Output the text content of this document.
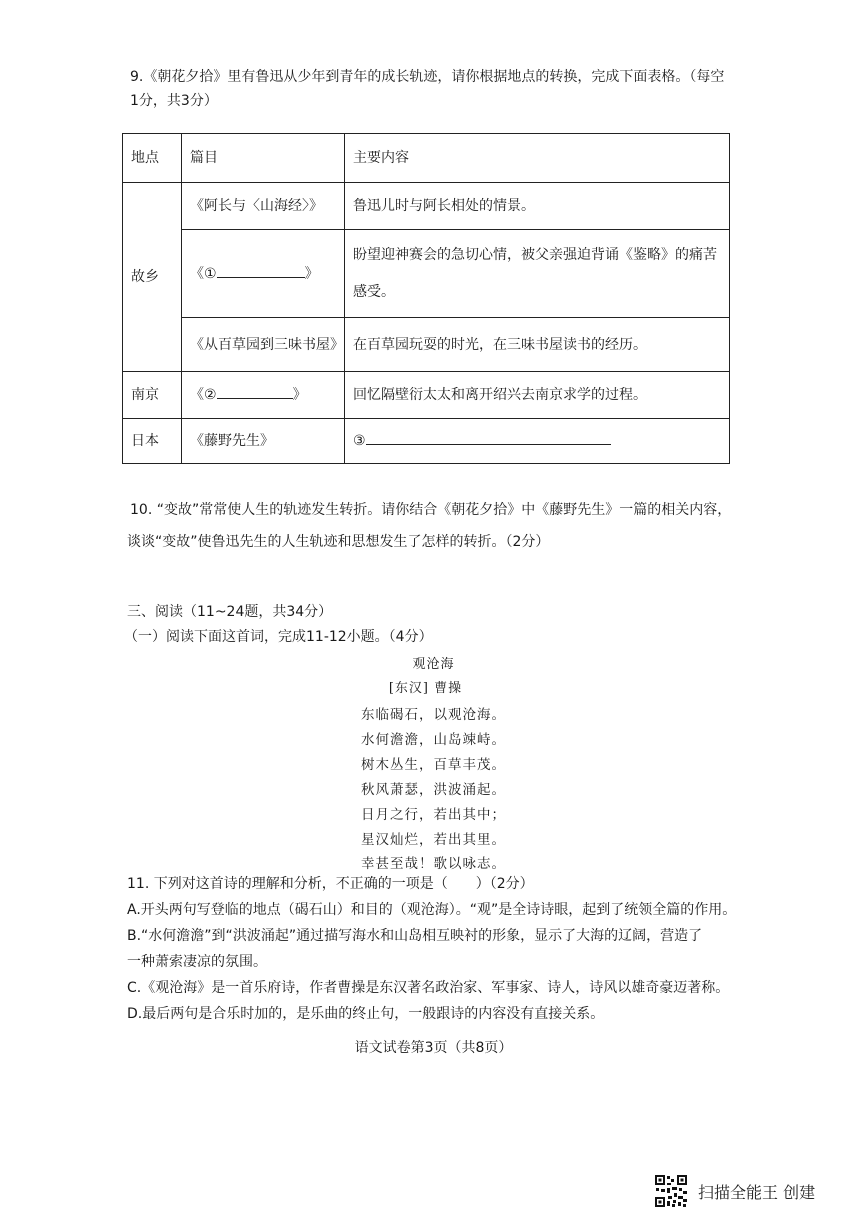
9.《朝花夕拾》里有鲁迅从少年到青年的成长轨迹，请你根据地点的转换，完成下面表格。（每空
1分，共3分）
地点	篇目	主要内容
故乡	《阿长与〈山海经〉》	鲁迅儿时与阿长相处的情景。
	《① 》	盼望迎神赛会的急切心情，被父亲强迫背诵《鉴略》的痛苦
感受。

	《从百草园到三味书屋》	在百草园玩耍的时光，在三味书屋读书的经历。
南京	《② 》	回忆隔壁衍太太和离开绍兴去南京求学的过程。
日本	《藤野先生》	③
10. “变故”常常使人生的轨迹发生转折。请你结合《朝花夕拾》中《藤野先生》一篇的相关内容，
谈谈“变故”使鲁迅先生的人生轨迹和思想发生了怎样的转折。（2分）
三、阅读（11~24题，共34分）
（一）阅读下面这首词，完成11-12小题。（4分）
观沧海
[东汉] 曹操
东临碣石，以观沧海。
水何澹澹，山岛竦峙。
树木丛生，百草丰茂。
秋风萧瑟，洪波涌起。
日月之行，若出其中；
星汉灿烂，若出其里。
幸甚至哉！歌以咏志。
11. 下列对这首诗的理解和分析，不正确的一项是（　　）（2分）
A.开头两句写登临的地点（碣石山）和目的（观沧海）。“观”是全诗诗眼，起到了统领全篇的作用。
B.“水何澹澹”到“洪波涌起”通过描写海水和山岛相互映衬的形象，显示了大海的辽阔，营造了
一种萧索凄凉的氛围。
C.《观沧海》是一首乐府诗，作者曹操是东汉著名政治家、军事家、诗人，诗风以雄奇豪迈著称。
D.最后两句是合乐时加的，是乐曲的终止句，一般跟诗的内容没有直接关系。
语文试卷第3页（共8页）
扫描全能王 创建
